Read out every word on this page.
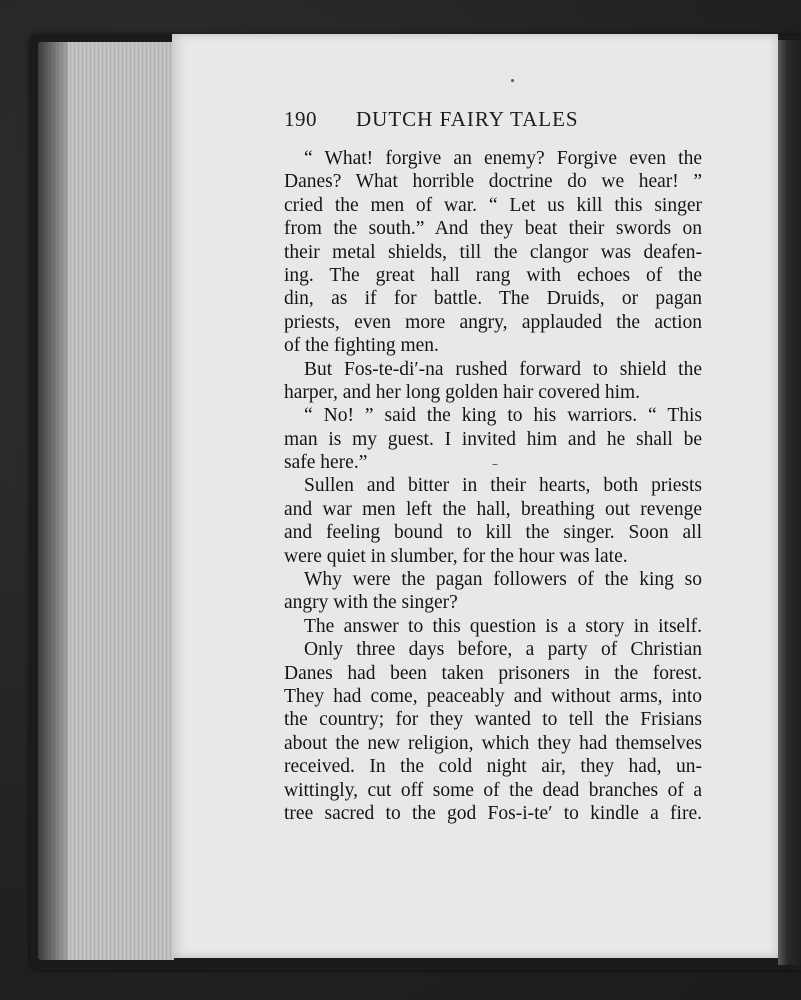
190 DUTCH FAIRY TALES
“ What! forgive an enemy? Forgive even the
Danes? What horrible doctrine do we hear! ”
cried the men of war. “ Let us kill this singer
from the south.” And they beat their swords on
their metal shields, till the clangor was deafen-
ing. The great hall rang with echoes of the
din, as if for battle. The Druids, or pagan
priests, even more angry, applauded the action
of the fighting men.
But Fos-te-di′-na rushed forward to shield the
harper, and her long golden hair covered him.
“ No! ” said the king to his warriors. “ This
man is my guest. I invited him and he shall be
safe here.”
Sullen and bitter in their hearts, both priests
and war men left the hall, breathing out revenge
and feeling bound to kill the singer. Soon all
were quiet in slumber, for the hour was late.
Why were the pagan followers of the king so
angry with the singer?
The answer to this question is a story in itself.
Only three days before, a party of Christian
Danes had been taken prisoners in the forest.
They had come, peaceably and without arms, into
the country; for they wanted to tell the Frisians
about the new religion, which they had themselves
received. In the cold night air, they had, un-
wittingly, cut off some of the dead branches of a
tree sacred to the god Fos-i-te′ to kindle a fire.
